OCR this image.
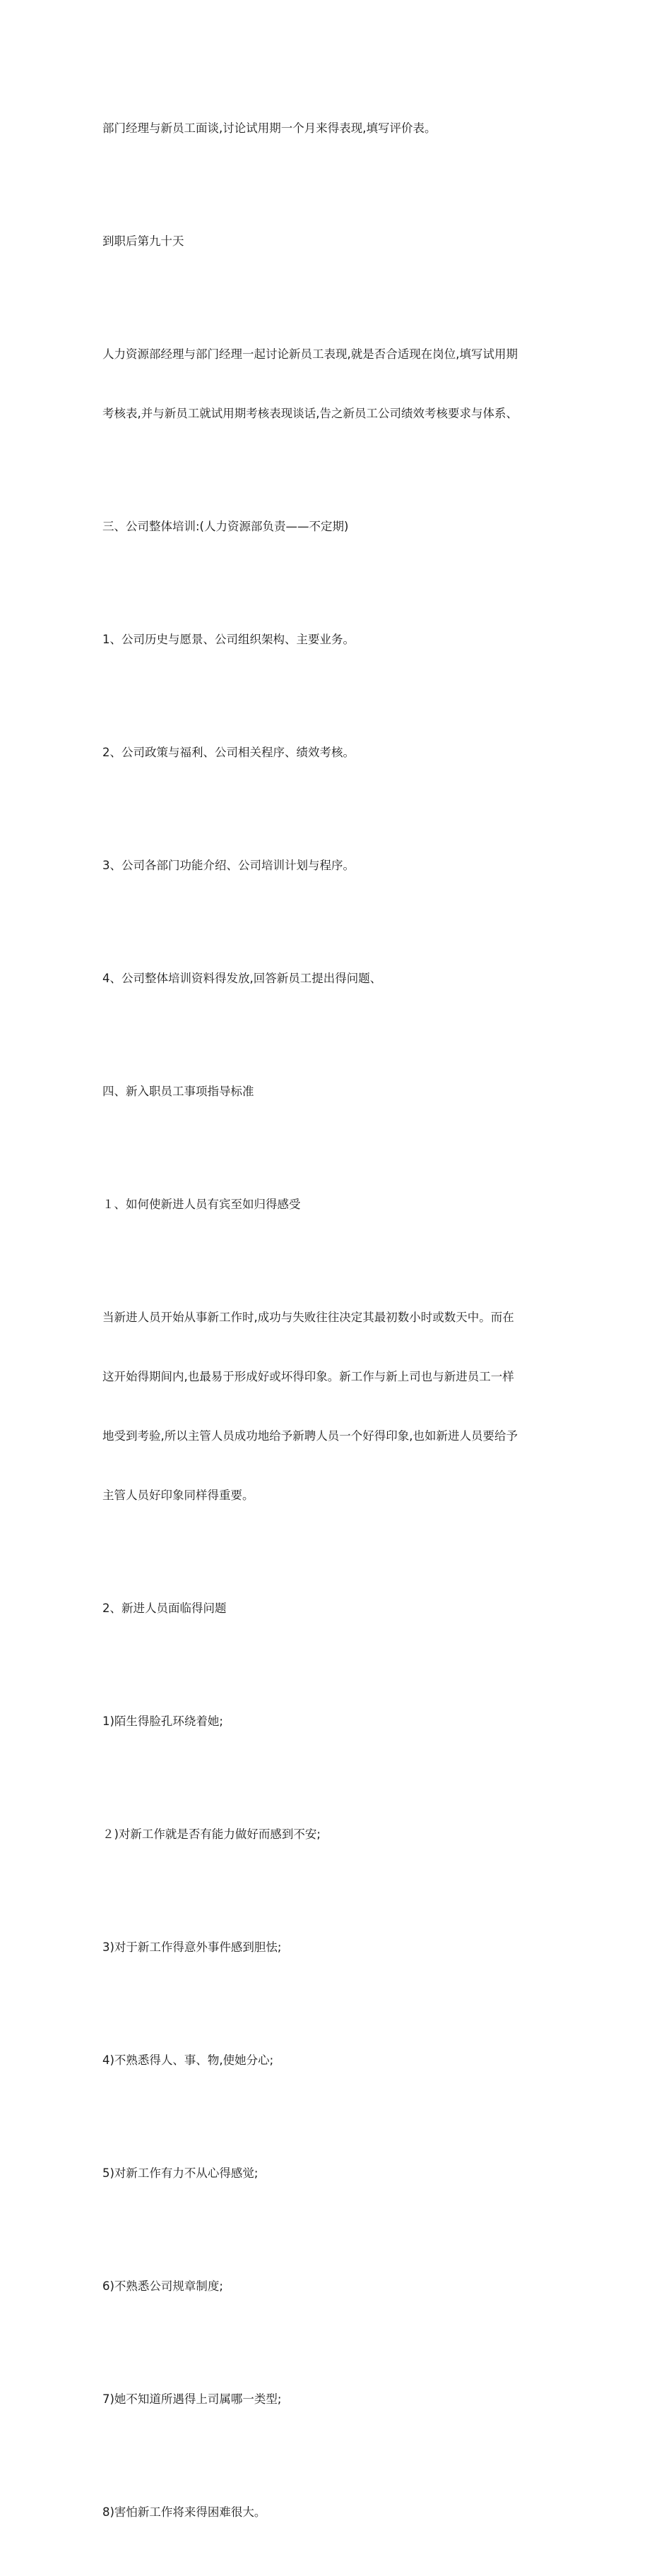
部门经理与新员工面谈,讨论试用期一个月来得表现,填写评价表。

到职后第九十天

人力资源部经理与部门经理一起讨论新员工表现,就是否合适现在岗位,填写试用期

考核表,并与新员工就试用期考核表现谈话,告之新员工公司绩效考核要求与体系、

三、公司整体培训:(人力资源部负责——不定期)

1、公司历史与愿景、公司组织架构、主要业务。

2、公司政策与福利、公司相关程序、绩效考核。

3、公司各部门功能介绍、公司培训计划与程序。

4、公司整体培训资料得发放,回答新员工提出得问题、

四、新入职员工事项指导标准

１、如何使新进人员有宾至如归得感受

当新进人员开始从事新工作时,成功与失败往往决定其最初数小时或数天中。而在

这开始得期间内,也最易于形成好或坏得印象。新工作与新上司也与新进员工一样

地受到考验,所以主管人员成功地给予新聘人员一个好得印象,也如新进人员要给予

主管人员好印象同样得重要。

2、新进人员面临得问题

1)陌生得脸孔环绕着她;

２)对新工作就是否有能力做好而感到不安;

3)对于新工作得意外事件感到胆怯;

4)不熟悉得人、事、物,使她分心;

5)对新工作有力不从心得感觉;

6)不熟悉公司规章制度;

7)她不知道所遇得上司属哪一类型;

8)害怕新工作将来得困难很大。
